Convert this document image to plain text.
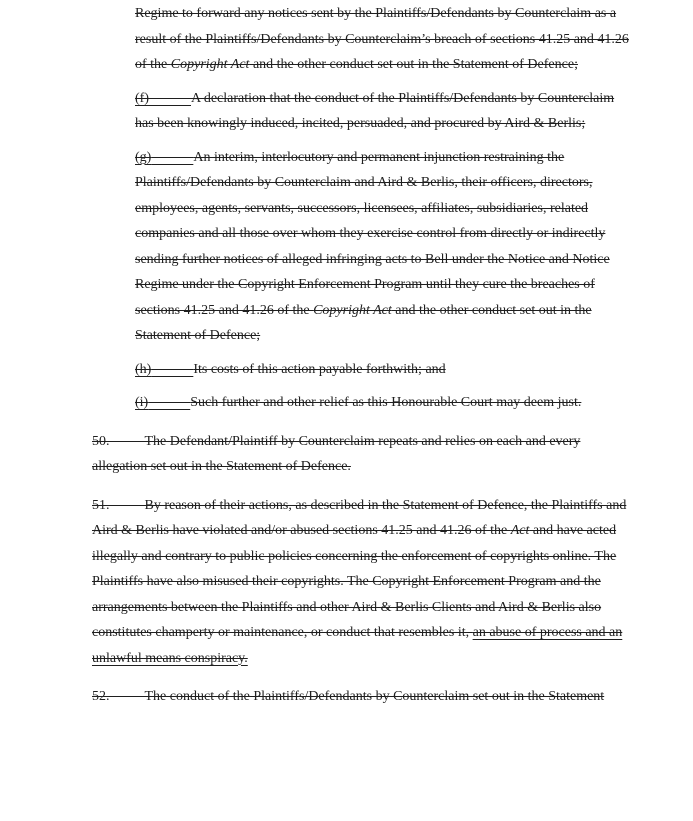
Regime to forward any notices sent by the Plaintiffs/Defendants by Counterclaim as a result of the Plaintiffs/Defendants by Counterclaim’s breach of sections 41.25 and 41.26 of the Copyright Act and the other conduct set out in the Statement of Defence;
(f)	A declaration that the conduct of the Plaintiffs/Defendants by Counterclaim has been knowingly induced, incited, persuaded, and procured by Aird & Berlis;
(g)	An interim, interlocutory and permanent injunction restraining the Plaintiffs/Defendants by Counterclaim and Aird & Berlis, their officers, directors, employees, agents, servants, successors, licensees, affiliates, subsidiaries, related companies and all those over whom they exercise control from directly or indirectly sending further notices of alleged infringing acts to Bell under the Notice and Notice Regime under the Copyright Enforcement Program until they cure the breaches of sections 41.25 and 41.26 of the Copyright Act and the other conduct set out in the Statement of Defence;
(h)	Its costs of this action payable forthwith; and
(i)	Such further and other relief as this Honourable Court may deem just.
50.	The Defendant/Plaintiff by Counterclaim repeats and relies on each and every allegation set out in the Statement of Defence.
51.	By reason of their actions, as described in the Statement of Defence, the Plaintiffs and Aird & Berlis have violated and/or abused sections 41.25 and 41.26 of the Act and have acted illegally and contrary to public policies concerning the enforcement of copyrights online. The Plaintiffs have also misused their copyrights. The Copyright Enforcement Program and the arrangements between the Plaintiffs and other Aird & Berlis Clients and Aird & Berlis also constitutes champerty or maintenance, or conduct that resembles it, an abuse of process and an unlawful means conspiracy.
52.	The conduct of the Plaintiffs/Defendants by Counterclaim set out in the Statement
